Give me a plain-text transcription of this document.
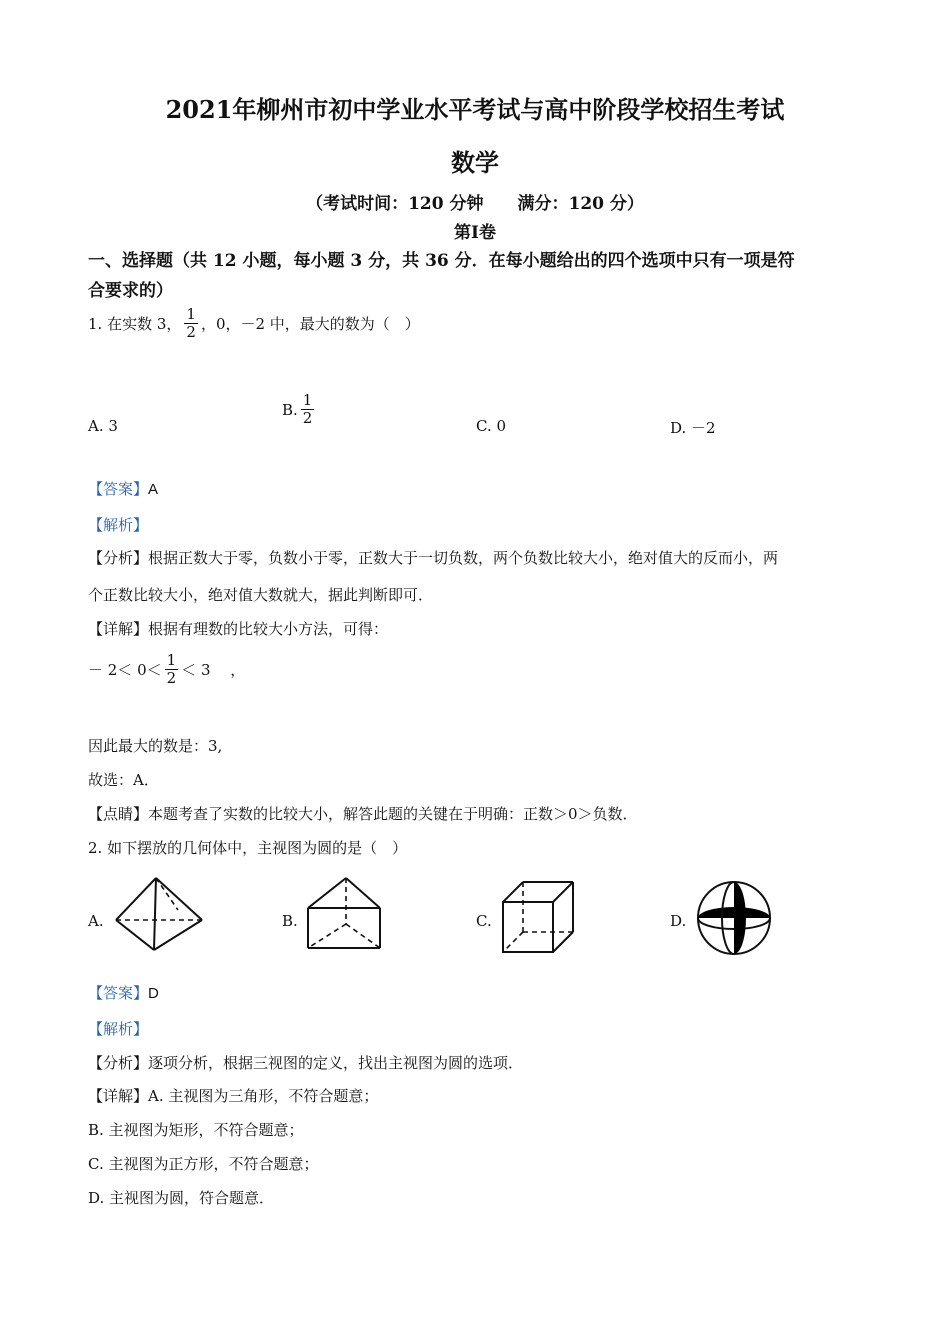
2021年柳州市初中学业水平考试与高中阶段学校招生考试
数学
（考试时间：120 分钟　　满分：120 分）
第Ⅰ卷
一、选择题（共 12 小题，每小题 3 分，共 36 分．在每小题给出的四个选项中只有一项是符
合要求的）
1. 在实数 3， $\frac{1}{2}$ ，0，－2 中，最大的数为（　）
A. 3
B. $\frac{1}{2}$	C. 0	D. －2
【答案】A
【解析】
【分析】根据正数大于零，负数小于零，正数大于一切负数，两个负数比较大小，绝对值大的反而小，两
个正数比较大小，绝对值大数就大，据此判断即可．
【详解】根据有理数的比较大小方法，可得：
－ $2< 0< \frac{1}{2} < 3$ 　，
因此最大的数是：3,
故选：A．
【点睛】本题考查了实数的比较大小，解答此题的关键在于明确：正数＞0＞负数．
2. 如下摆放的几何体中，主视图为圆的是（　）
A.	B.	C.	D.
【答案】D
【解析】
【分析】逐项分析，根据三视图的定义，找出主视图为圆的选项．
【详解】A. 主视图为三角形，不符合题意；
B. 主视图为矩形，不符合题意；
C. 主视图为正方形，不符合题意；
D. 主视图为圆，符合题意．
